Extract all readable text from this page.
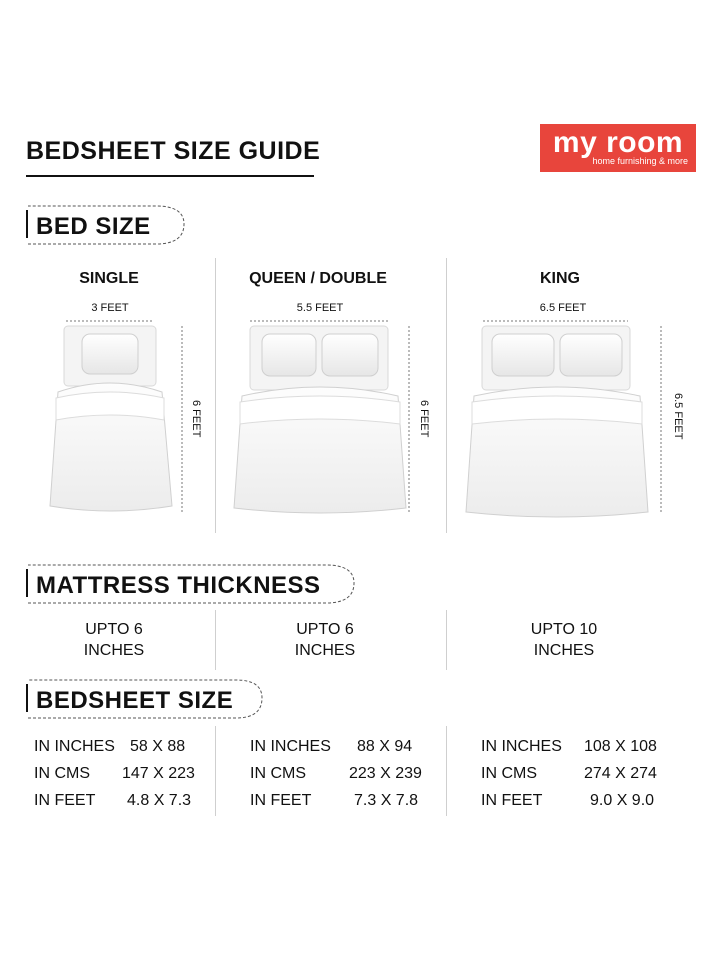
BEDSHEET SIZE GUIDE	my room
home furnishing & more
BED SIZE
SINGLE	QUEEN / DOUBLE	KING
3 FEET	5.5 FEET	6.5 FEET
6 FEET	6 FEET	6.5 FEET
MATTRESS THICKNESS
UPTO 6
INCHES
UPTO 6
INCHES
UPTO 10
INCHES
BEDSHEET SIZE
IN INCHES 58 X 88
IN CMS 147 X 223
IN FEET 4.8 X 7.3
IN INCHES 88 X 94
IN CMS	223 X 239
IN FEET	7.3 X 7.8
IN INCHES 108 X 108
IN CMS	274 X 274
IN FEET	9.0 X 9.0
